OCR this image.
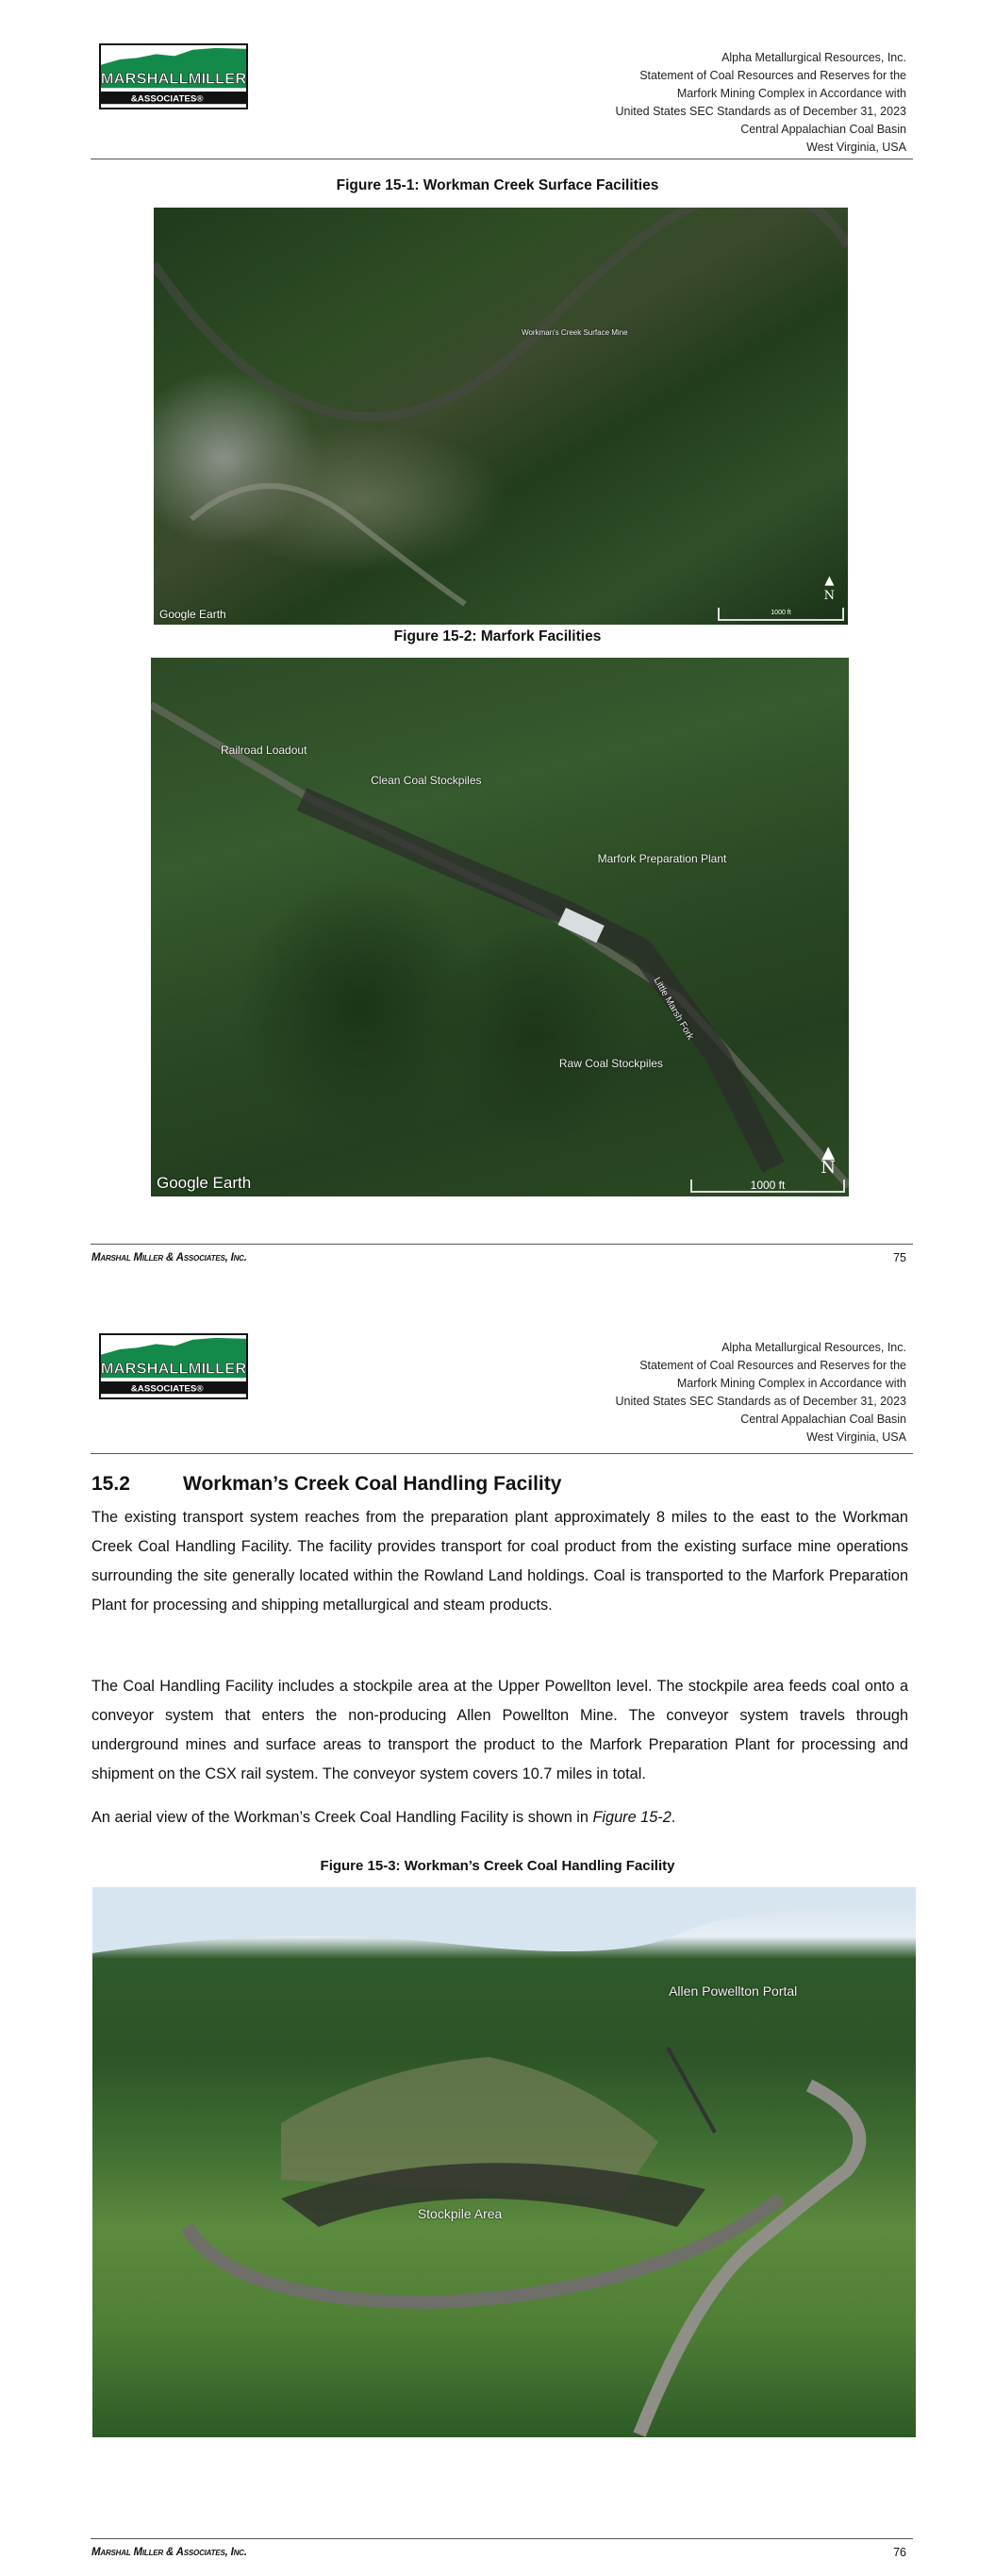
MARSHALLMILLER
&ASSOCIATES®
Alpha Metallurgical Resources, Inc.
Statement of Coal Resources and Reserves for the
Marfork Mining Complex in Accordance with
United States SEC Standards as of December 31, 2023
Central Appalachian Coal Basin
West Virginia, USA
Figure 15-1: Workman Creek Surface Facilities
Workman's Creek Surface Mine
Google Earth	1000 ft
▲
N
Figure 15-2: Marfork Facilities
Railroad Loadout
Clean Coal Stockpiles
Marfork Preparation Plant
Little Marsh Fork
Raw Coal Stockpiles
Google Earth	1000 ft
▲
N
Marshal Miller & Associates, Inc.	75
MARSHALLMILLER
&ASSOCIATES®
Alpha Metallurgical Resources, Inc.
Statement of Coal Resources and Reserves for the
Marfork Mining Complex in Accordance with
United States SEC Standards as of December 31, 2023
Central Appalachian Coal Basin
West Virginia, USA
15.2	Workman’s Creek Coal Handling Facility
The existing transport system reaches from the preparation plant approximately 8 miles to the east to the Workman Creek Coal Handling Facility. The facility provides transport for coal product from the existing surface mine operations surrounding the site generally located within the Rowland Land holdings. Coal is transported to the Marfork Preparation Plant for processing and shipping metallurgical and steam products.
The Coal Handling Facility includes a stockpile area at the Upper Powellton level. The stockpile area feeds coal onto a conveyor system that enters the non-producing Allen Powellton Mine. The conveyor system travels through underground mines and surface areas to transport the product to the Marfork Preparation Plant for processing and shipment on the CSX rail system. The conveyor system covers 10.7 miles in total.
An aerial view of the Workman’s Creek Coal Handling Facility is shown in Figure 15-2.
Figure 15-3: Workman’s Creek Coal Handling Facility
Allen Powellton Portal
Stockpile Area
Marshal Miller & Associates, Inc.	76
